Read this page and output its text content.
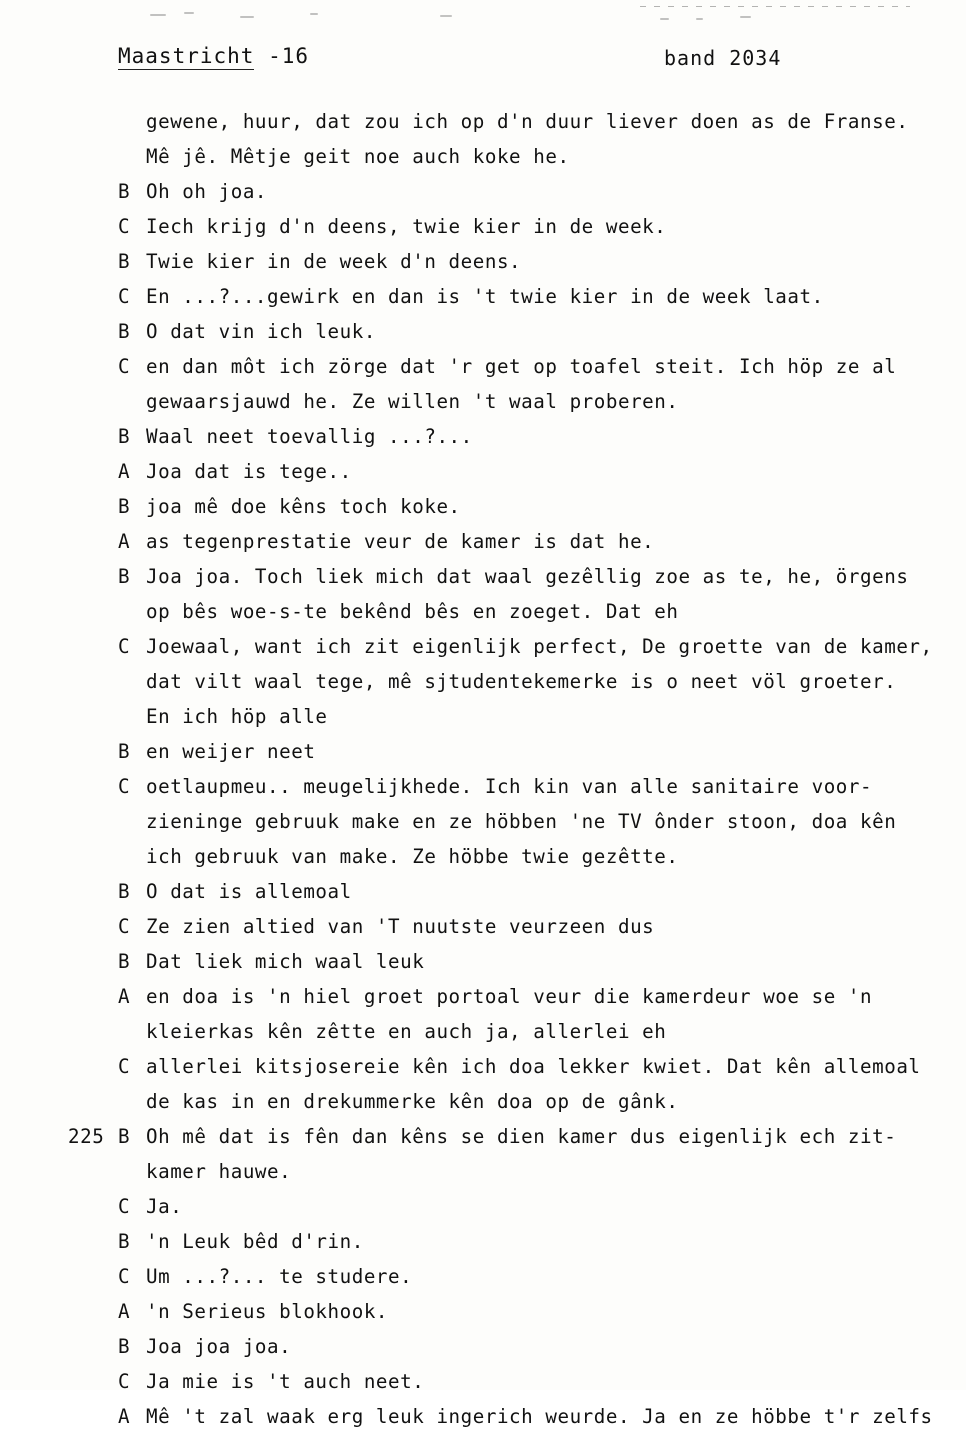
Maastricht -16	band 2034
gewene, huur, dat zou ich op d'n duur liever doen as de Franse.
Mê jê. Mêtje geit noe auch koke he.
B Oh oh joa.
C Iech krijg d'n deens, twie kier in de week.
B Twie kier in de week d'n deens.
C En ...?...gewirk en dan is 't twie kier in de week laat.
B O dat vin ich leuk.
C en dan môt ich zörge dat 'r get op toafel steit. Ich höp ze al
gewaarsjauwd he. Ze willen 't waal proberen.
B Waal neet toevallig ...?...
A Joa dat is tege..
B joa mê doe kêns toch koke.
A as tegenprestatie veur de kamer is dat he.
B Joa joa. Toch liek mich dat waal gezêllig zoe as te, he, örgens
op bês woe-s-te bekênd bês en zoeget. Dat eh
C Joewaal, want ich zit eigenlijk perfect, De groette van de kamer,
dat vilt waal tege, mê sjtudentekemerke is o neet völ groeter.
En ich höp alle
B en weijer neet
C oetlaupmeu.. meugelijkhede. Ich kin van alle sanitaire voor-
zieninge gebruuk make en ze höbben 'ne TV ônder stoon, doa kên
ich gebruuk van make. Ze höbbe twie gezêtte.
B O dat is allemoal
C Ze zien altied van 'T nuutste veurzeen dus
B Dat liek mich waal leuk
A en doa is 'n hiel groet portoal veur die kamerdeur woe se 'n
kleierkas kên zêtte en auch ja, allerlei eh
C allerlei kitsjosereie kên ich doa lekker kwiet. Dat kên allemoal
de kas in en drekummerke kên doa op de gânk.
225 B Oh mê dat is fên dan kêns se dien kamer dus eigenlijk ech zit-
kamer hauwe.
C Ja.
B 'n Leuk bêd d'rin.
C Um ...?... te studere.
A 'n Serieus blokhook.
B Joa joa joa.
C Ja mie is 't auch neet.
A Mê 't zal waak erg leuk ingerich weurde. Ja en ze höbbe t'r zelfs
